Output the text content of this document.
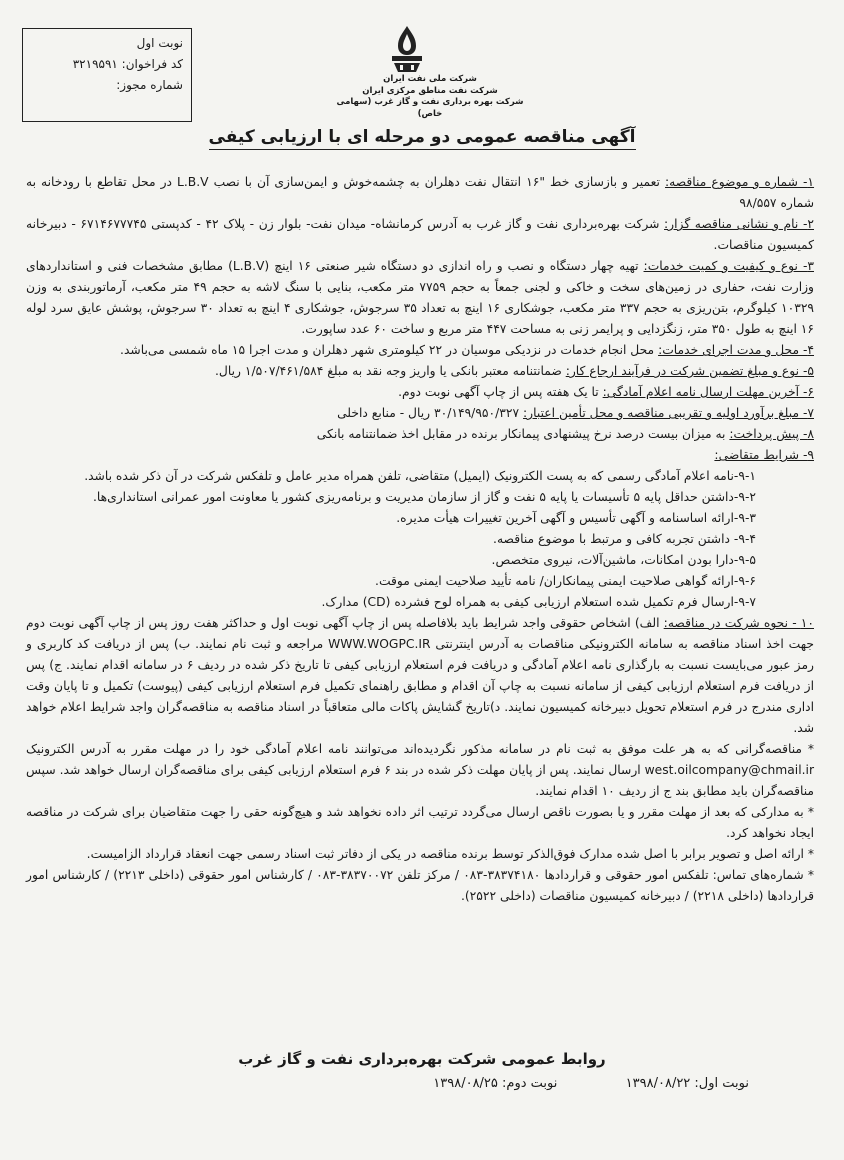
نوبت اول
کد فراخوان: ۳۲۱۹۵۹۱
شماره مجوز:	شرکت ملی نفت ایران
شرکت نفت مناطق مرکزی ایران
شرکت بهره برداری نفت و گاز غرب (سهامی خاص)
آگهی مناقصه عمومی دو مرحله ای با ارزیابی کیفی

۱- شماره و موضوع مناقصه: تعمیر و بازسازی خط "۱۶ انتقال نفت دهلران به چشمه‌خوش و ایمن‌سازی آن با نصب L.B.V در محل تقاطع با رودخانه به شماره ۹۸/۵۵۷

۲- نام و نشانی مناقصه گزار: شرکت بهره‌برداری نفت و گاز غرب به آدرس کرمانشاه- میدان نفت- بلوار زن - پلاک ۴۲ - کدپستی ۶۷۱۴۶۷۷۷۴۵ - دبیرخانه کمیسیون مناقصات.

۳- نوع و کیفیت و کمیت خدمات: تهیه چهار دستگاه و نصب و راه اندازی دو دستگاه شیر صنعتی ۱۶ اینچ (L.B.V) مطابق مشخصات فنی و استانداردهای وزارت نفت، حفاری در زمین‌های سخت و خاکی و لجنی جمعاً به حجم ۷۷۵۹ متر مکعب، بنایی با سنگ لاشه به حجم ۴۹ متر مکعب، آرماتوربندی به وزن ۱۰۳۲۹ کیلوگرم، بتن‌ریزی به حجم ۳۳۷ متر مکعب، جوشکاری ۱۶ اینچ به تعداد ۳۵ سرجوش، جوشکاری ۴ اینچ به تعداد ۳۰ سرجوش، پوشش عایق سرد لوله ۱۶ اینچ به طول ۳۵۰ متر، زنگزدایی و پرایمر زنی به مساحت ۴۴۷ متر مربع و ساخت ۶۰ عدد ساپورت.

۴- محل و مدت اجرای خدمات: محل انجام خدمات در نزدیکی موسیان در ۲۲ کیلومتری شهر دهلران و مدت اجرا ۱۵ ماه شمسی می‌باشد.

۵- نوع و مبلغ تضمین شرکت در فرآیند ارجاع کار: ضمانتنامه معتبر بانکی یا واریز وجه نقد به مبلغ ۱/۵۰۷/۴۶۱/۵۸۴ ریال.

۶- آخرین مهلت ارسال نامه اعلام آمادگی: تا یک هفته پس از چاپ آگهی نوبت دوم.

۷- مبلغ برآورد اولیه و تقریبی مناقصه و محل تأمین اعتبار: ۳۰/۱۴۹/۹۵۰/۳۲۷ ریال - منابع داخلی

۸- پیش پرداخت: به میزان بیست درصد نرخ پیشنهادی پیمانکار برنده در مقابل اخذ ضمانتنامه بانکی

۹- شرایط متقاضی:

۹-۱-نامه اعلام آمادگی رسمی که به پست الکترونیک (ایمیل) متقاضی، تلفن همراه مدیر عامل و تلفکس شرکت در آن ذکر شده باشد.

۹-۲-داشتن حداقل پایه ۵ تأسیسات یا پایه ۵ نفت و گاز از سازمان مدیریت و برنامه‌ریزی کشور یا معاونت امور عمرانی استانداری‌ها.

۹-۳-ارائه اساسنامه و آگهی تأسیس و آگهی آخرین تغییرات هیأت مدیره.

۹-۴- داشتن تجربه کافی و مرتبط با موضوع مناقصه.

۹-۵-دارا بودن امکانات، ماشین‌آلات، نیروی متخصص.

۹-۶-ارائه گواهی صلاحیت ایمنی پیمانکاران/ نامه تأیید صلاحیت ایمنی موقت.

۹-۷-ارسال فرم تکمیل شده استعلام ارزیابی کیفی به همراه لوح فشرده (CD) مدارک.

۱۰ - نحوه شرکت در مناقصه: الف) اشخاص حقوقی واجد شرایط باید بلافاصله پس از چاپ آگهی نوبت اول و حداکثر هفت روز پس از چاپ آگهی نوبت دوم جهت اخذ اسناد مناقصه به سامانه الکترونیکی مناقصات به آدرس اینترنتی WWW.WOGPC.IR مراجعه و ثبت نام نمایند. ب) پس از دریافت کد کاربری و رمز عبور می‌بایست نسبت به بارگذاری نامه اعلام آمادگی و دریافت فرم استعلام ارزیابی کیفی تا تاریخ ذکر شده در ردیف ۶ در سامانه اقدام نمایند. ج) پس از دریافت فرم استعلام ارزیابی کیفی از سامانه نسبت به چاپ آن اقدام و مطابق راهنمای تکمیل فرم استعلام ارزیابی کیفی (پیوست) تکمیل و تا پایان وقت اداری مندرج در فرم استعلام تحویل دبیرخانه کمیسیون نمایند. د)تاریخ گشایش پاکات مالی متعاقباً در اسناد مناقصه به مناقصه‌گران واجد شرایط اعلام خواهد شد.

* مناقصه‌گرانی که به هر علت موفق به ثبت نام در سامانه مذکور نگردیده‌اند می‌توانند نامه اعلام آمادگی خود را در مهلت مقرر به آدرس الکترونیک west.oilcompany@chmail.ir ارسال نمایند. پس از پایان مهلت ذکر شده در بند ۶ فرم استعلام ارزیابی کیفی برای مناقصه‌گران ارسال خواهد شد. سپس مناقصه‌گران باید مطابق بند ج از ردیف ۱۰ اقدام نمایند.

* به مدارکی که بعد از مهلت مقرر و یا بصورت ناقص ارسال می‌گردد ترتیب اثر داده نخواهد شد و هیچ‌گونه حقی را جهت متقاضیان برای شرکت در مناقصه ایجاد نخواهد کرد.

* ارائه اصل و تصویر برابر با اصل شده مدارک فوق‌الذکر توسط برنده مناقصه در یکی از دفاتر ثبت اسناد رسمی جهت انعقاد قرارداد الزامیست.

* شماره‌های تماس: تلفکس امور حقوقی و قراردادها ۳۸۳۷۴۱۸۰-۰۸۳ / مرکز تلفن ۳۸۳۷۰۰۷۲-۰۸۳ / کارشناس امور حقوقی (داخلی ۲۲۱۳) / کارشناس امور قراردادها (داخلی ۲۲۱۸) / دبیرخانه کمیسیون مناقصات (داخلی ۲۵۲۲).

روابط عمومی شرکت بهره‌برداری نفت و گاز غرب
نوبت اول: ۱۳۹۸/۰۸/۲۲  نوبت دوم: ۱۳۹۸/۰۸/۲۵
